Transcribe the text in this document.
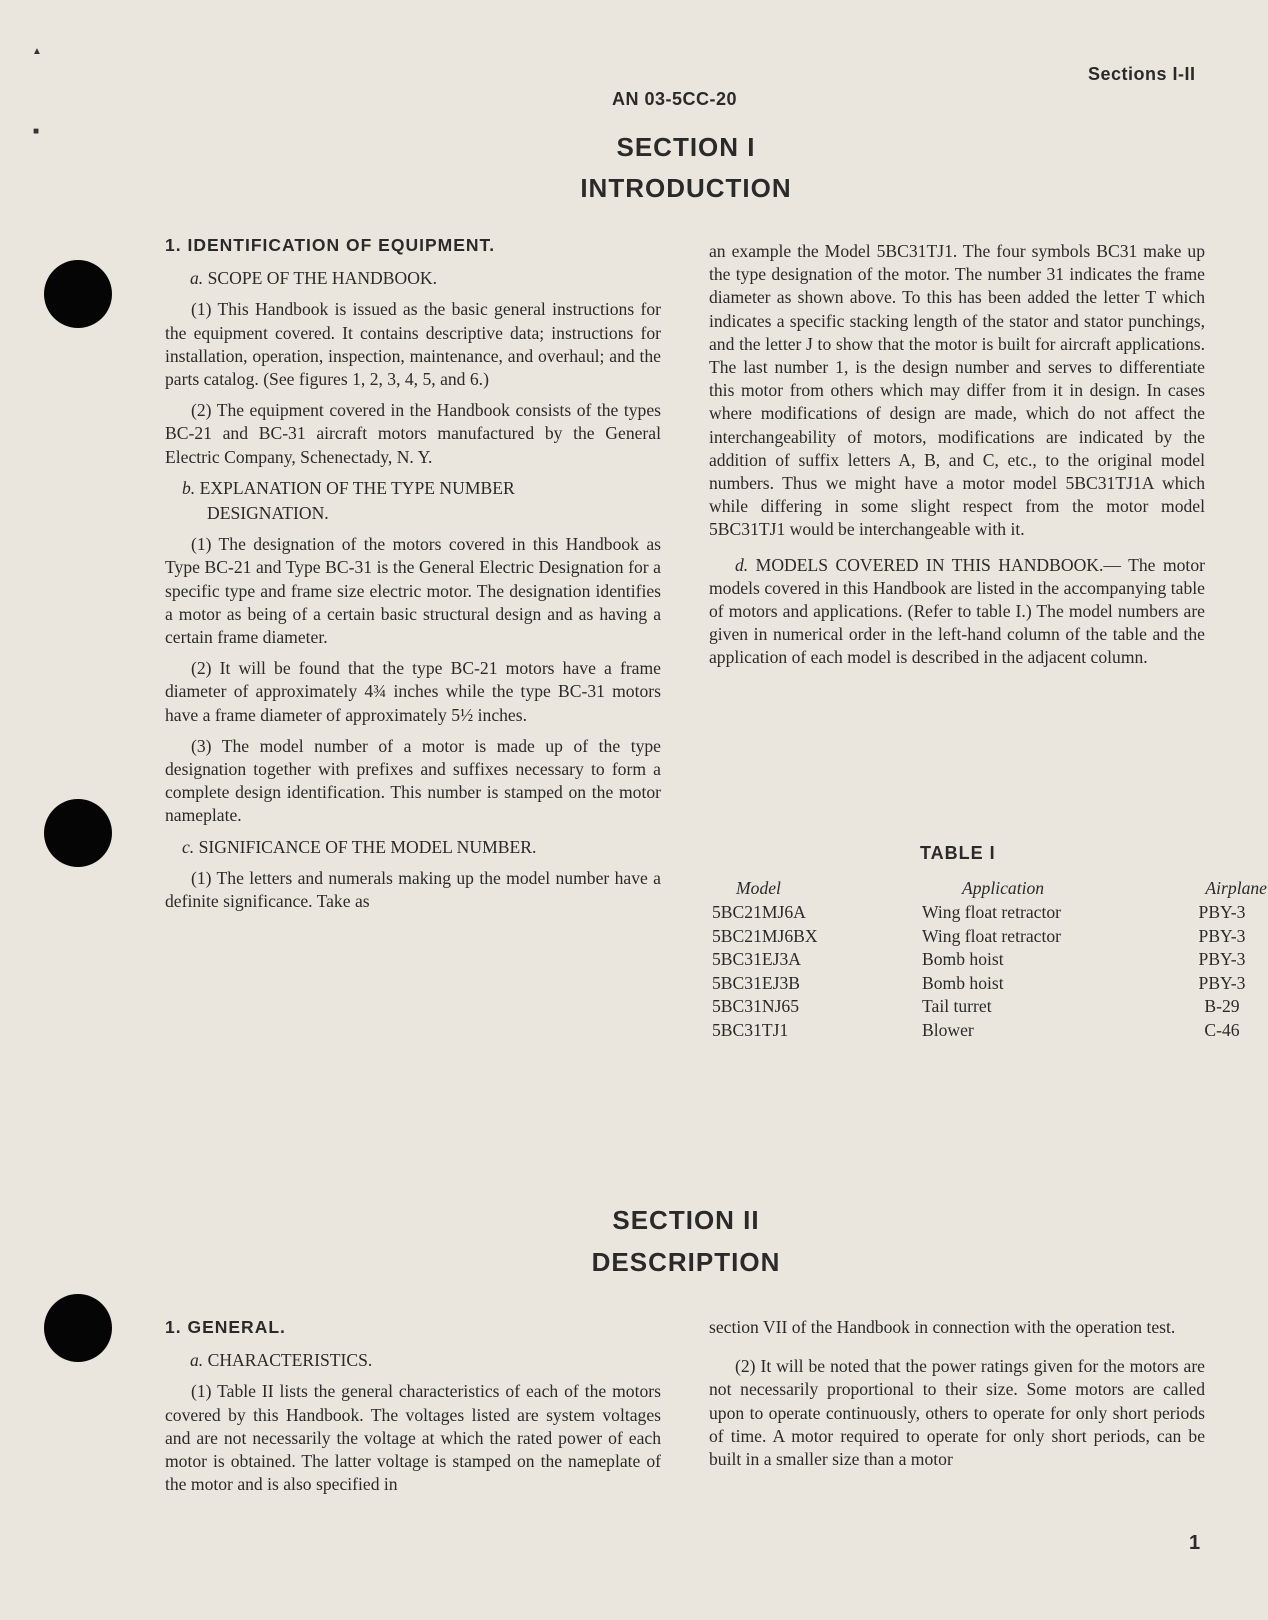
▲
■
Sections I-II
AN 03-5CC-20
SECTION I
INTRODUCTION

1. IDENTIFICATION OF EQUIPMENT.

a. SCOPE OF THE HANDBOOK.

(1) This Handbook is issued as the basic general instructions for the equipment covered. It contains descriptive data; instructions for installation, operation, inspection, maintenance, and overhaul; and the parts catalog. (See figures 1, 2, 3, 4, 5, and 6.)

(2) The equipment covered in the Handbook consists of the types BC-21 and BC-31 aircraft motors manufactured by the General Electric Company, Schenectady, N. Y.

b. EXPLANATION OF THE TYPE NUMBER

DESIGNATION.

(1) The designation of the motors covered in this Handbook as Type BC-21 and Type BC-31 is the General Electric Designation for a specific type and frame size electric motor. The designation identifies a motor as being of a certain basic structural design and as having a certain frame diameter.

(2) It will be found that the type BC-21 motors have a frame diameter of approximately 4¾ inches while the type BC-31 motors have a frame diameter of approximately 5½ inches.

(3) The model number of a motor is made up of the type designation together with prefixes and suffixes necessary to form a complete design identification. This number is stamped on the motor nameplate.

c. SIGNIFICANCE OF THE MODEL NUMBER.

(1) The letters and numerals making up the model number have a definite significance. Take as

an example the Model 5BC31TJ1. The four symbols BC31 make up the type designation of the motor. The number 31 indicates the frame diameter as shown above. To this has been added the letter T which indicates a specific stacking length of the stator and stator punchings, and the letter J to show that the motor is built for aircraft applications. The last number 1, is the design number and serves to differentiate this motor from others which may differ from it in design. In cases where modifications of design are made, which do not affect the interchangeability of motors, modifications are indicated by the addition of suffix letters A, B, and C, etc., to the original model numbers. Thus we might have a motor model 5BC31TJ1A which while differing in some slight respect from the motor model 5BC31TJ1 would be interchangeable with it.

d. MODELS COVERED IN THIS HANDBOOK.— The motor models covered in this Handbook are listed in the accompanying table of motors and applications. (Refer to table I.) The model numbers are given in numerical order in the left-hand column of the table and the application of each model is described in the adjacent column.

TABLE I
Model	Application	Airplane
5BC21MJ6A	Wing float retractor	PBY-3
5BC21MJ6BX	Wing float retractor	PBY-3
5BC31EJ3A	Bomb hoist	PBY-3
5BC31EJ3B	Bomb hoist	PBY-3
5BC31NJ65	Tail turret	B-29
5BC31TJ1	Blower	C-46
SECTION II
DESCRIPTION

1. GENERAL.

a. CHARACTERISTICS.

(1) Table II lists the general characteristics of each of the motors covered by this Handbook. The voltages listed are system voltages and are not necessarily the voltage at which the rated power of each motor is obtained. The latter voltage is stamped on the nameplate of the motor and is also specified in

section VII of the Handbook in connection with the operation test.

(2) It will be noted that the power ratings given for the motors are not necessarily proportional to their size. Some motors are called upon to operate continuously, others to operate for only short periods of time. A motor required to operate for only short periods, can be built in a smaller size than a motor

1
